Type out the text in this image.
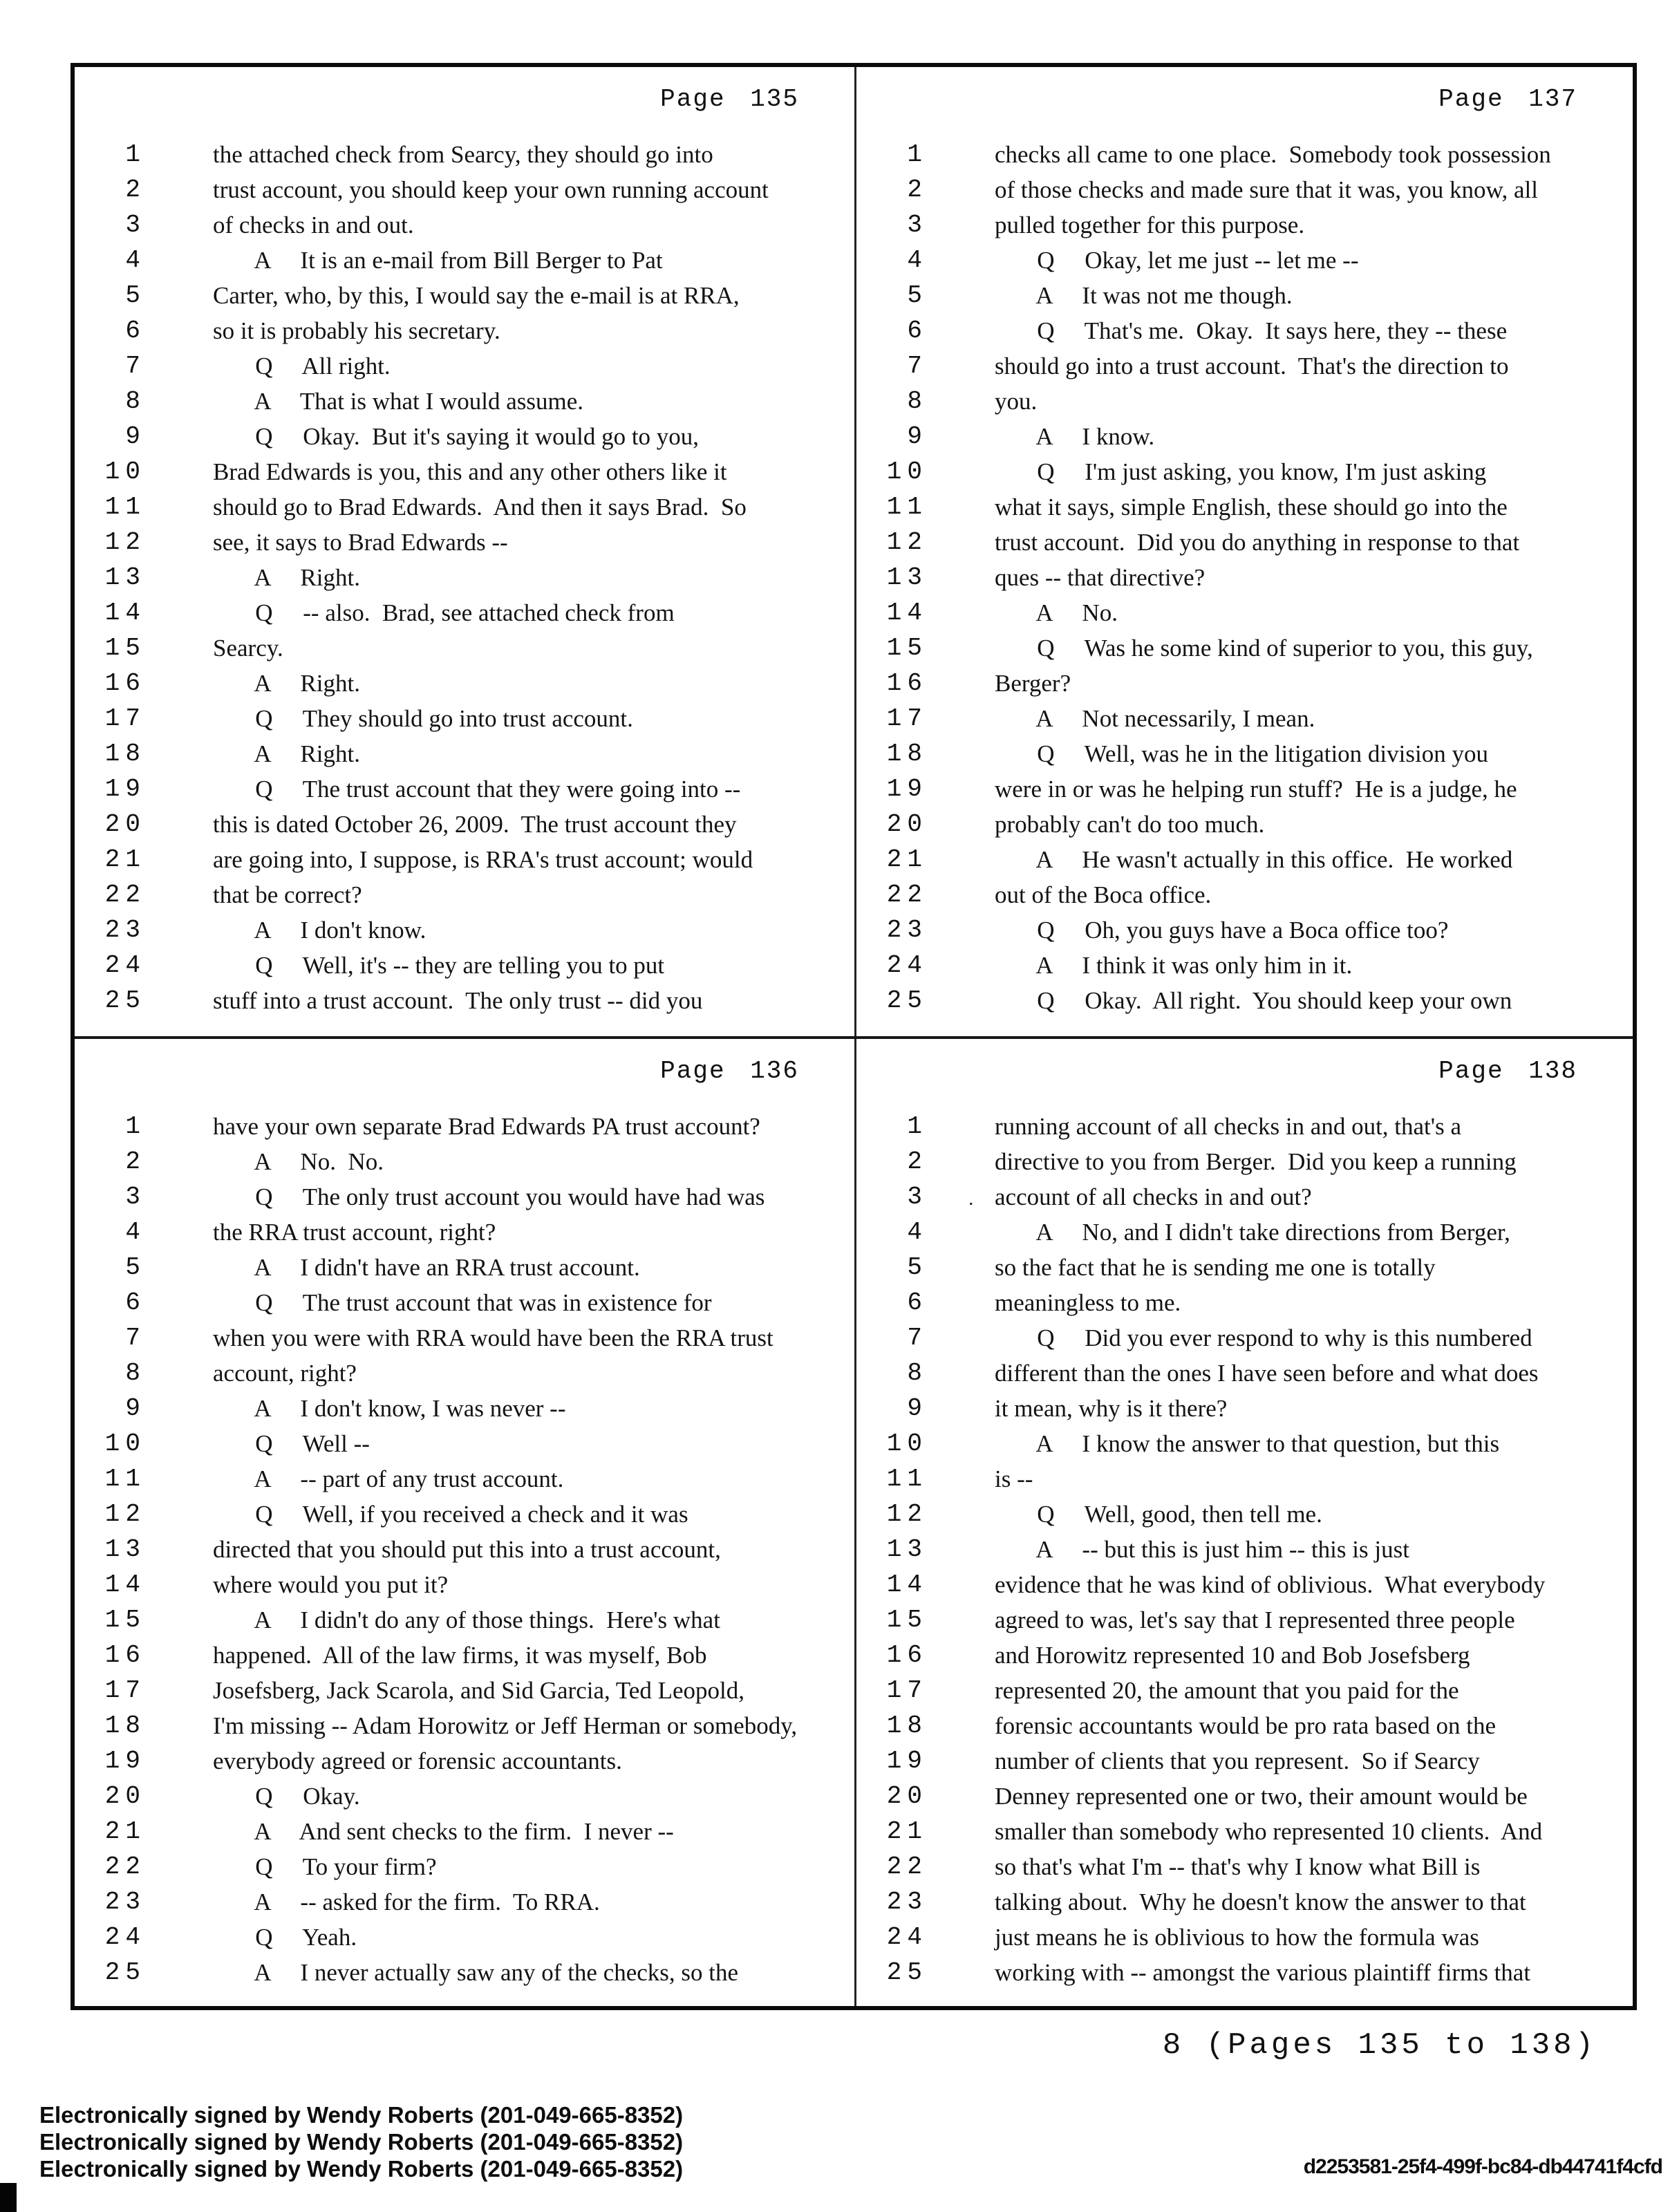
Page 135
1	the attached check from Searcy, they should go into
2	trust account, you should keep your own running account
3	of checks in and out.
4	A     It is an e-mail from Bill Berger to Pat
5	Carter, who, by this, I would say the e-mail is at RRA,
6	so it is probably his secretary.
7	Q     All right.
8	A     That is what I would assume.
9	Q     Okay.  But it's saying it would go to you,
10	Brad Edwards is you, this and any other others like it
11	should go to Brad Edwards.  And then it says Brad.  So
12	see, it says to Brad Edwards --
13	A     Right.
14	Q     -- also.  Brad, see attached check from
15	Searcy.
16	A     Right.
17	Q     They should go into trust account.
18	A     Right.
19	Q     The trust account that they were going into --
20	this is dated October 26, 2009.  The trust account they
21	are going into, I suppose, is RRA's trust account; would
22	that be correct?
23	A     I don't know.
24	Q     Well, it's -- they are telling you to put
25	stuff into a trust account.  The only trust -- did you
Page 137
1	checks all came to one place.  Somebody took possession
2	of those checks and made sure that it was, you know, all
3	pulled together for this purpose.
4	Q     Okay, let me just -- let me --
5	A     It was not me though.
6	Q     That's me.  Okay.  It says here, they -- these
7	should go into a trust account.  That's the direction to
8	you.
9	A     I know.
10	Q     I'm just asking, you know, I'm just asking
11	what it says, simple English, these should go into the
12	trust account.  Did you do anything in response to that
13	ques -- that directive?
14	A     No.
15	Q     Was he some kind of superior to you, this guy,
16	Berger?
17	A     Not necessarily, I mean.
18	Q     Well, was he in the litigation division you
19	were in or was he helping run stuff?  He is a judge, he
20	probably can't do too much.
21	A     He wasn't actually in this office.  He worked
22	out of the Boca office.
23	Q     Oh, you guys have a Boca office too?
24	A     I think it was only him in it.
25	Q     Okay.  All right.  You should keep your own
Page 136
1	have your own separate Brad Edwards PA trust account?
2	A     No.  No.
3	Q     The only trust account you would have had was
4	the RRA trust account, right?
5	A     I didn't have an RRA trust account.
6	Q     The trust account that was in existence for
7	when you were with RRA would have been the RRA trust
8	account, right?
9	A     I don't know, I was never --
10	Q     Well --
11	A     -- part of any trust account.
12	Q     Well, if you received a check and it was
13	directed that you should put this into a trust account,
14	where would you put it?
15	A     I didn't do any of those things.  Here's what
16	happened.  All of the law firms, it was myself, Bob
17	Josefsberg, Jack Scarola, and Sid Garcia, Ted Leopold,
18	I'm missing -- Adam Horowitz or Jeff Herman or somebody,
19	everybody agreed or forensic accountants.
20	Q     Okay.
21	A     And sent checks to the firm.  I never --
22	Q     To your firm?
23	A     -- asked for the firm.  To RRA.
24	Q     Yeah.
25	A     I never actually saw any of the checks, so the
Page 138
1	running account of all checks in and out, that's a
2	directive to you from Berger.  Did you keep a running
3 . account of all checks in and out?
4	A     No, and I didn't take directions from Berger,
5	so the fact that he is sending me one is totally
6	meaningless to me.
7	Q     Did you ever respond to why is this numbered
8	different than the ones I have seen before and what does
9	it mean, why is it there?
10	A     I know the answer to that question, but this
11	is --
12	Q     Well, good, then tell me.
13	A     -- but this is just him -- this is just
14	evidence that he was kind of oblivious.  What everybody
15	agreed to was, let's say that I represented three people
16	and Horowitz represented 10 and Bob Josefsberg
17	represented 20, the amount that you paid for the
18	forensic accountants would be pro rata based on the
19	number of clients that you represent.  So if Searcy
20	Denney represented one or two, their amount would be
21	smaller than somebody who represented 10 clients.  And
22	so that's what I'm -- that's why I know what Bill is
23	talking about.  Why he doesn't know the answer to that
24	just means he is oblivious to how the formula was
25	working with -- amongst the various plaintiff firms that
8 (Pages 135 to 138)
Electronically signed by Wendy Roberts (201-049-665-8352)
Electronically signed by Wendy Roberts (201-049-665-8352)
Electronically signed by Wendy Roberts (201-049-665-8352)	d2253581-25f4-499f-bc84-db44741f4cfd
